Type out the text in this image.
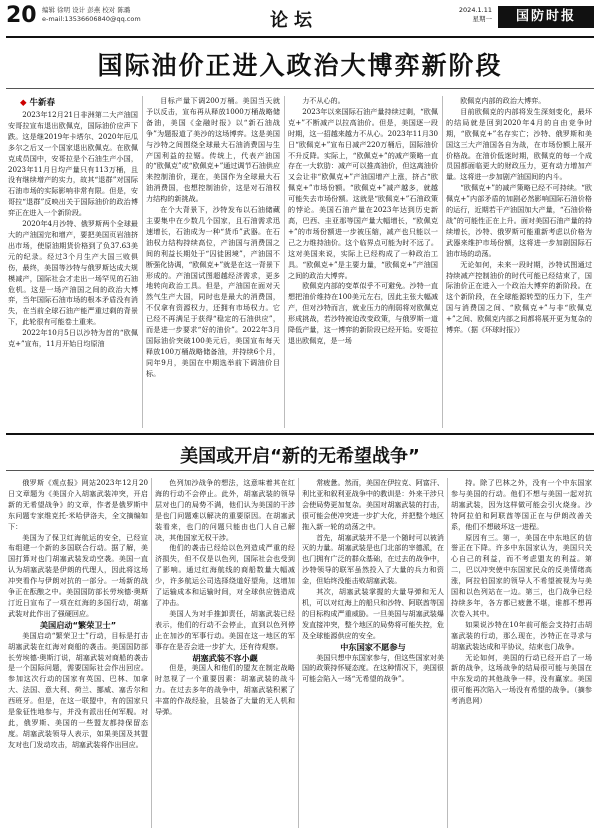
20 编辑 徐明 设计 彭燕 校对 陈璐
e-mail:13536606840@qq.com	论坛	2024.1.11
星期一	国防时报
国际油价正进入政治大博弈新阶段
◆ 牛新春

2023年12月21日非洲第二大产油国安哥拉宣布退出欧佩克，国际油价应声下跌。这是继2019年卡塔尔、2020年厄瓜多尔之后又一个国家退出欧佩克。在欧佩克成员国中，安哥拉是个石油生产小国，2023年11月日均产量只有113万桶，且没有继续增产的实力，故其“退群”对国际石油市场的实际影响非常有限。但是，安哥拉“退群”反映出关于国际油价的政治博弈正在进入一个新阶段。

2020年4月沙特、俄罗斯两个全球最大的产油国完和增产，要把美国页岩油挤出市场，使原油期货价格到了负37.63美元的纪录。经过3个月生产大国三败俱伤，最终，美国等沙特与俄罗斯达成大规模减产，国际社会才走出一场罕见的石油危机。这是一场产油国之间的政治大博弈，当年国际石油市场的根本矛盾没有消失，在当前全球石油产能严重过剩的背景下，此轮很有可能卷土重来。

2022年10月5日以沙特为首的“欧佩克+”宣布，11月开始日均原油

目标产量下调200万桶。美国当天就予以反击，宣布再从释放1000万桶战略储备油，美国《金融时报》以“新石油战争”为题报道了美沙的这场博弈。这是美国与沙特之间围绕全球最大石油消费国与生产国利益的拉锯。传统上，代表产油国的“欧佩克”或“欧佩克+”通过调节石油供应来控制油价，现在，美国作为全球最大石油消费国，也想控制油价，这是对石油权力结构的新挑战。

在个大背景下，沙特发布以石油储藏主要集中在少数几个国家，且石油需求迅速增长，石油成为一种“货币”武器。在石油权力结构持续高位，产油国与消费国之间的利益长期处于“囚徒困境”，产油国不断强化协调，“欧佩克+”就是在这一背景下形成的。产油国试图超越经济需求，更多地转向政治工具。但是，产油国在面对天然气生产大国，同时也是最大的消费国，不仅拿有资源权力，还拥有市场权力。它已经不再满足于获得“稳定的石油供应”，而是进一步要求“好的油价”。2022年3月国际油价突破100美元后，美国宣布每天释放100万桶战略储备油，并持续6个月，同年9月，美国在中期选举前下调油价目标。

力不从心的。

2023年以来国际石油产量持续过剩，“欧佩克+”不断减产以拉高油价。但是，美国逐一段时期，这一招越来越力不从心。2023年11月30日“欧佩克+”宣布日减产220万桶后，国际油价不升反降。实际上，“欧佩克+”的减产策略一直存在一大软肋：减产可以推高油价，但这离油价又会让非“欧佩克+”产油国增产上涨，挤占“欧佩克+”市场份额。“欧佩克+”减产越多，就越可能失去市场份额。这就是“欧佩克+”石油政策的悖论。美国石油产量在2023年达到历史新高，巴西、圭亚那等国产量大幅增长，“欧佩克+”的市场份额进一步被压缩，减产也只能以一己之力维持油价。这个临界点可能为时不远了。这对美国来说，实际上已经构成了一种政治工具。“欧佩克+”是主要力量，“欧佩克+”产油国之间的政治大博弈。

欧佩克内部的变革似乎不可避免。沙特一直想把油价维持在100美元左右，因此主张大幅减产，但对沙特而言，就业压力的削弱将对欧佩克形成挑战，若沙特被迫改变政策，与俄罗斯一道降低产量，这一博弈的新阶段已经开始。安哥拉退出欧佩克，是一场

欧佩克内部的政治大博弈。

目前欧佩克的内部将发生深刻变化，最坏的结局就是回到2020年4月的自由竞争时期，“欧佩克+”名存实亡；沙特、俄罗斯和美国这三大产油国各自为战，在市场份额上展开价格战。在油价低迷时期，欧佩克的每一个成员国都面临更大的财政压力，更有动力增加产量。这将进一步加剧产油国间的内斗。

“欧佩克+”的减产策略已经不可持续。“欧佩克+”内部矛盾的加剧必然影响国际石油价格的运行，近期若干产油国加大产量，“石油价格战”的可能性正在上升。面对美国石油产量的持续增长，沙特、俄罗斯可能重新考虑以价格为武器来维护市场份额，这将进一步加剧国际石油市场的动荡。

无论如何，未来一段时期，沙特试图通过持续减产控制油价的时代可能已经结束了，国际油价正在进入一个政治大博弈的新阶段。在这个新阶段，在全球能源转型的压力下，生产国与消费国之间、“欧佩克+”与非“欧佩克+”之间、欧佩克内部之间都将展开更为复杂的博弈。（据《环球时报》）

美国或开启“新的无希望战争”

俄罗斯《观点报》网站2023年12月20日文章题为《美国介入胡塞武装冲突，开启新的无希望战争》的文章，作者是俄罗斯中东问题专家维克托·米哈伊洛夫，全文摘编如下：

美国为了保卫红海航运的安全，已经宣布组建一个新的多国联合行动。据了解，美国打算对也门胡塞武装发动空袭。美国一直认为胡塞武装是伊朗的代理人，因此将这场冲突看作与伊朗对抗的一部分。一场新的战争正在酝酿之中。美国国防部长劳埃德·奥斯汀近日宣布了一项在红海的多国行动，胡塞武装对此作出了强硬回应。

美国启动“繁荣卫士”

美国启动“繁荣卫士”行动，目标是打击胡塞武装在红海对商船的袭击。美国国防部长劳埃德·奥斯汀说，胡塞武装对商船的袭击是一个国际问题，需要国际社会作出回应。参加这次行动的国家有英国、巴林、加拿大、法国、意大利、荷兰、挪威、塞舌尔和西班牙。但是，在这一联盟中，有的国家只是象征性地参与，并没有派出任何军舰。对此，俄罗斯、美国的一些盟友都持保留态度。胡塞武装领导人表示，如果美国及其盟友对也门发动攻击，胡塞武装将作出回应。

色列加沙战争的想法，这意味着其在红海的行动不会停止。此外，胡塞武装的领导层对也门的局势不满，他们认为美国的干涉是也门问题难以解决的重要原因。在胡塞武装看来，也门的问题只能由也门人自己解决，其他国家无权干涉。

他们的袭击已经给以色列造成严重的经济损失，但不仅是以色列，国际社会也受到了影响。通过红海航线的商船数量大幅减少，许多航运公司选择绕道好望角，这增加了运输成本和运输时间，对全球供应链造成了冲击。

美国人为对手推卸责任，胡塞武装已经表示，他们的行动不会停止，直到以色列停止在加沙的军事行动。美国在这一地区的军事存在是否会进一步扩大，还有待观察。

胡塞武装不容小觑

但是，美国人和他们的盟友在制定战略时忽视了一个重要因素：胡塞武装的战斗力。在过去多年的战争中，胡塞武装积累了丰富的作战经验，且装备了大量的无人机和导弹。

常疲惫。然而，美国在伊拉克、阿富汗、利比亚和叙利亚战争中的教训是：外来干涉只会使局势更加复杂。美国对胡塞武装的打击，很可能会使冲突进一步扩大化，并把整个地区拖入新一轮的动荡之中。

首先，胡塞武装并不是一个随时可以被消灭的力量。胡塞武装是也门北部的宰德派，在也门拥有广泛的群众基础，在过去的战争中，沙特领导的联军虽然投入了大量的兵力和资金，但始终没能击败胡塞武装。

其次，胡塞武装掌握的大量导弹和无人机，可以对红海上的船只和沙特、阿联酋等国的目标构成严重威胁。一旦美国与胡塞武装爆发直接冲突，整个地区的局势将可能失控，危及全球能源供应的安全。

中东国家不愿参与

美国只想中东国家参与，但这些国家对美国的政策持怀疑态度。在这种情况下，美国很可能会陷入一场“无希望的战争”。

持。除了巴林之外，没有一个中东国家参与美国的行动。他们不想与美国一起对抗胡塞武装，因为这样做可能会引火烧身。沙特阿拉伯和阿联酋等国正在与伊朗改善关系，他们不想破坏这一进程。

原因有三。第一，美国在中东地区的信誉正在下降。许多中东国家认为，美国只关心自己的利益，而不考虑盟友的利益。第二，巴以冲突使中东国家民众的反美情绪高涨，阿拉伯国家的领导人不希望被视为与美国和以色列站在一边。第三，也门战争已经持续多年，各方都已疲惫不堪，谁都不想再次卷入其中。

如果说沙特在10年前可能会支持打击胡塞武装的行动，那么现在，沙特正在寻求与胡塞武装达成和平协议，结束也门战争。

无论如何，美国的行动已经开启了一场新的战争，这场战争的结局很可能与美国在中东发动的其他战争一样，没有赢家。美国很可能再次陷入一场没有希望的战争。（摘参考消息网）
